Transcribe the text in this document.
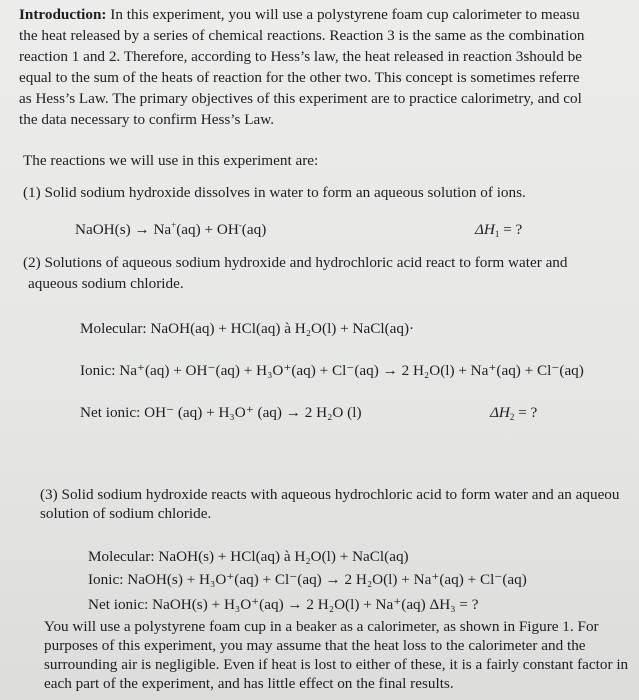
Introduction: In this experiment, you will use a polystyrene foam cup calorimeter to measu
the heat released by a series of chemical reactions. Reaction 3 is the same as the combination
reaction 1 and 2. Therefore, according to Hess’s law, the heat released in reaction 3should be
equal to the sum of the heats of reaction for the other two. This concept is sometimes referre
as Hess’s Law. The primary objectives of this experiment are to practice calorimetry, and col
the data necessary to confirm Hess’s Law.
The reactions we will use in this experiment are:
(1) Solid sodium hydroxide dissolves in water to form an aqueous solution of ions.
NaOH(s) → Na+(aq) + OH-(aq)	$\Delta H_1$ = ?
(2) Solutions of aqueous sodium hydroxide and hydrochloric acid react to form water and
aqueous sodium chloride.
Molecular: NaOH(aq) + HCl(aq) à H₂O(l) + NaCl(aq)·
Ionic: Na⁺(aq) + OH⁻(aq) + H₃O⁺(aq) + Cl⁻(aq) → 2 H₂O(l) + Na⁺(aq) + Cl⁻(aq)
Net ionic: OH⁻ (aq) + H₃O⁺ (aq) → 2 H₂O (l)	$\Delta H_2$ = ?
(3) Solid sodium hydroxide reacts with aqueous hydrochloric acid to form water and an aqueou
solution of sodium chloride.
Molecular: NaOH(s) + HCl(aq) à H₂O(l) + NaCl(aq)
Ionic: NaOH(s) + H₃O⁺(aq) + Cl⁻(aq) → 2 H₂O(l) + Na⁺(aq) + Cl⁻(aq)
Net ionic: NaOH(s) + H₃O⁺(aq) → 2 H₂O(l) + Na⁺(aq) ΔH₃ = ?
You will use a polystyrene foam cup in a beaker as a calorimeter, as shown in Figure 1. For
purposes of this experiment, you may assume that the heat loss to the calorimeter and the
surrounding air is negligible. Even if heat is lost to either of these, it is a fairly constant factor in
each part of the experiment, and has little effect on the final results.
